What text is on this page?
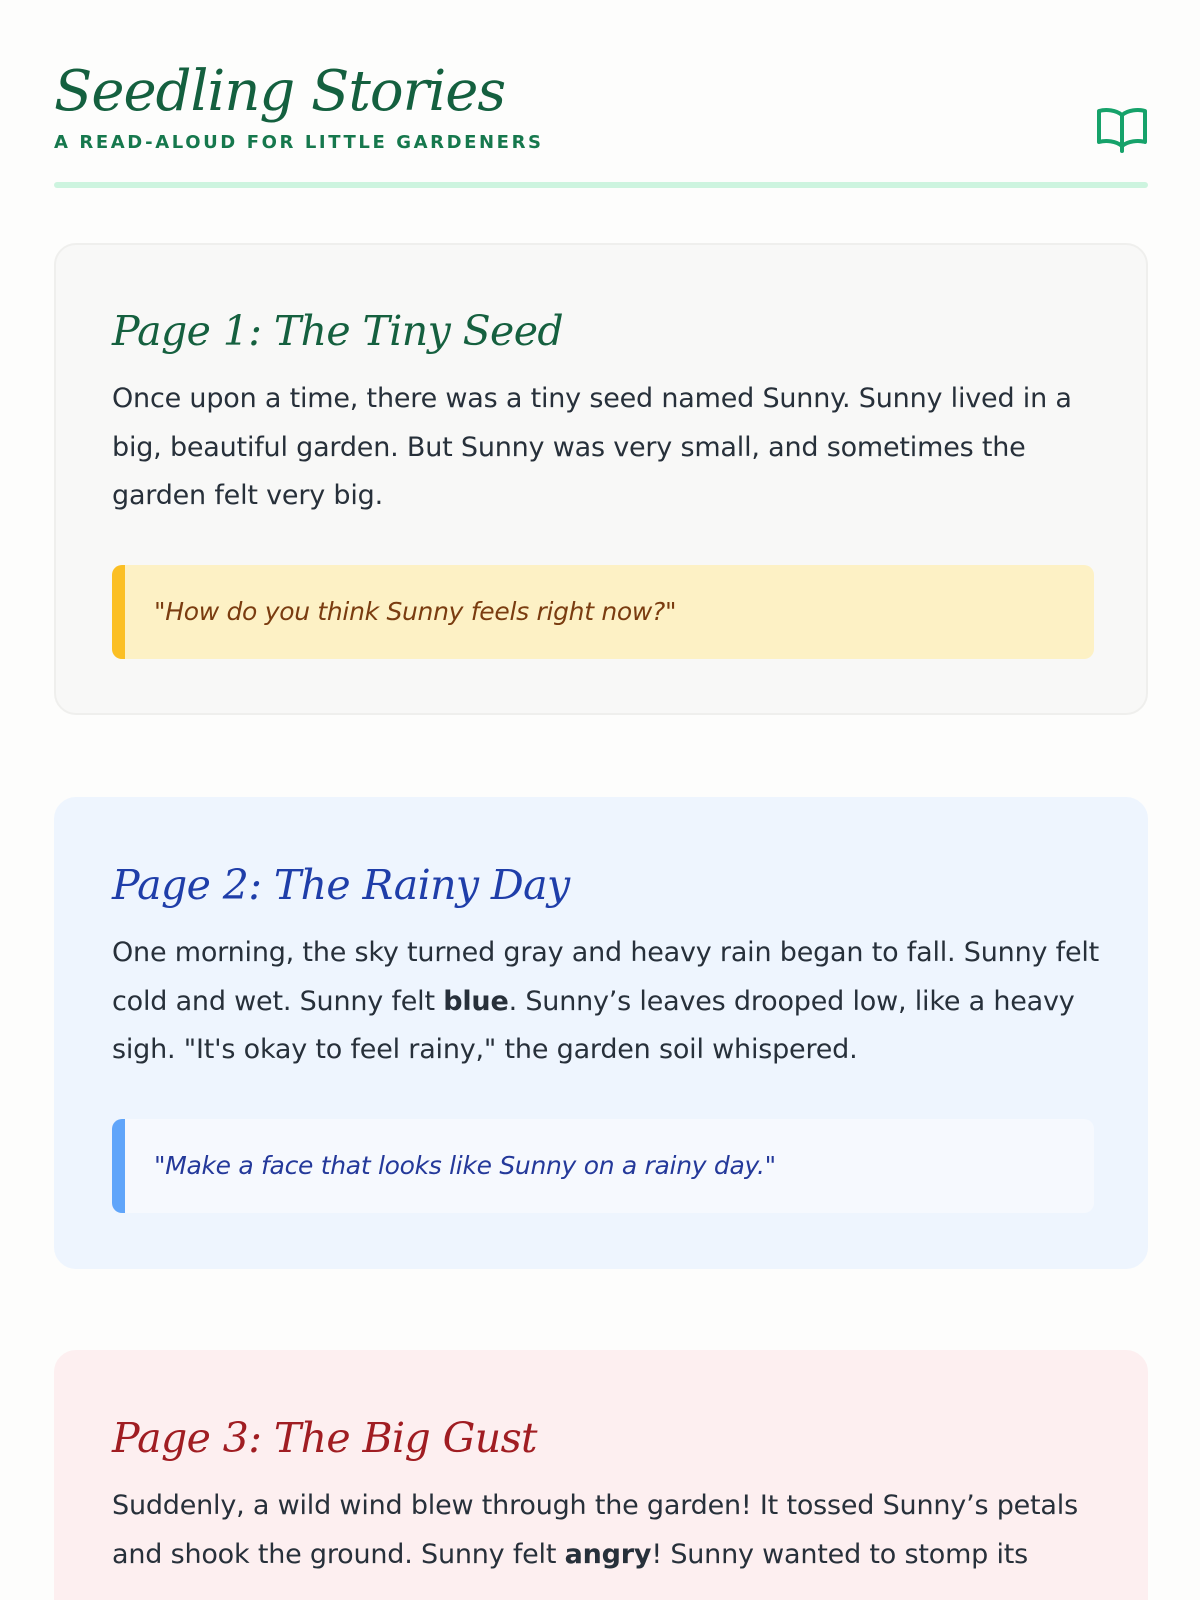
Seedling Stories
A READ-ALOUD FOR LITTLE GARDENERS
Page 1: The Tiny Seed

Once upon a time, there was a tiny seed named Sunny. Sunny lived in a big, beautiful garden. But Sunny was very small, and sometimes the garden felt very big.

"How do you think Sunny feels right now?"
Page 2: The Rainy Day

One morning, the sky turned gray and heavy rain began to fall. Sunny felt cold and wet. Sunny felt blue. Sunny’s leaves drooped low, like a heavy sigh. "It's okay to feel rainy," the garden soil whispered.

"Make a face that looks like Sunny on a rainy day."
Page 3: The Big Gust

Suddenly, a wild wind blew through the garden! It tossed Sunny’s petals and shook the ground. Sunny felt angry! Sunny wanted to stomp its
